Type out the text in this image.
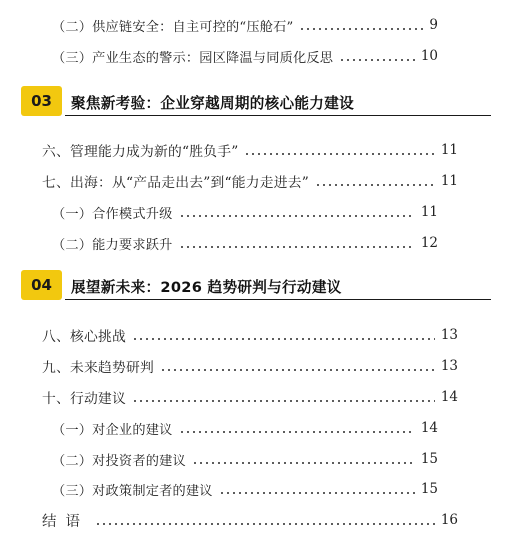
（二）供应链安全：自主可控的“压舱石”	9
（三）产业生态的警示：园区降温与同质化反思	10
03	聚焦新考验：企业穿越周期的核心能力建设
六、管理能力成为新的“胜负手”	11
七、出海：从“产品走出去”到“能力走进去”	11
（一）合作模式升级	11
（二）能力要求跃升	12
04	展望新未来：2026 趋势研判与行动建议
八、核心挑战	13
九、未来趋势研判	13
十、行动建议	14
（一）对企业的建议	14
（二）对投资者的建议	15
（三）对政策制定者的建议	15
结语	16
